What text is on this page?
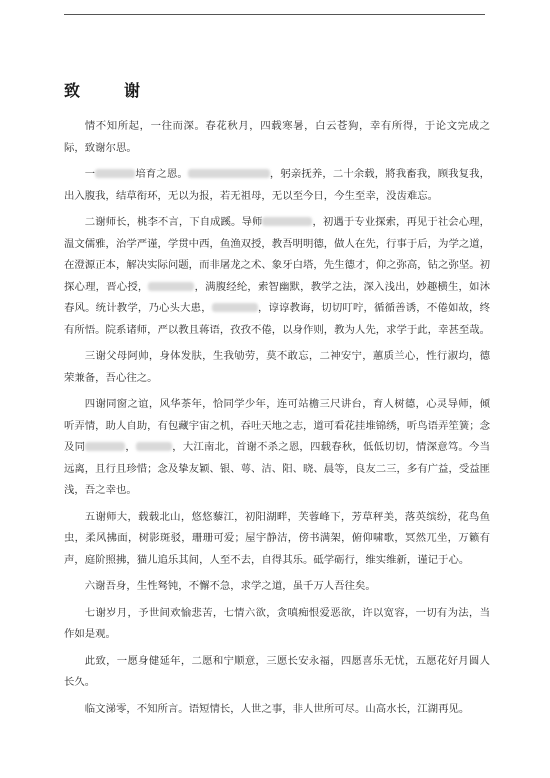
致　谢

情不知所起，一往而深。春花秋月，四载寒暑，白云苍狗，幸有所得，于论文完成之际，致谢尔思。

一	培育之恩。	，躬亲抚养，二十余载，將我畜我，顾我复我，出入腹我，结草衔环，无以为报，若无祖母，无以至今日，今生至幸，没齿难忘。

二谢师长，桃李不言，下自成蹊。导师	，初遇于专业探索，再见于社会心理，温文儒雅，治学严谨，学贯中西，鱼渔双授，教吾明明德，做人在先，行事于后，为学之道，在澄源正本，解决实际问题，而非屠龙之术、象牙白塔，先生德才，仰之弥高，钻之弥坚。初探心理，晋心授，	，满腹经纶，索智幽默，教学之法，深入浅出，妙趣横生，如沐春风。统计教学，乃心头大患，	，谆谆教诲，切切叮咛，循循善诱，不倦如故，终有所悟。院系诸师，严以教且蒋语，孜孜不倦，以身作则，教为人先，求学于此，幸甚至哉。

三谢父母阿帅，身体发肤，生我劬劳，莫不敢忘，二神安宁，蕙质兰心，性行淑均，德荣兼备，吾心往之。

四谢同窗之谊，风华茶年，恰同学少年，连可站檐三尺讲台，育人树德，心灵导师，倾听弄情，助人自助，有包藏宇宙之机，吞吐天地之志，道可看花挂堆锦绣，听鸟语弄笙簧；念及同	，	，大江南北，首谢不杀之恩，四载春秋，低低切切，情深意笃。今当远离，且行且珍惜；念及挚友颖、银、萼、洁、阳、晓、晨等，良友二三，多有广益，受益匪浅，吾之幸也。

五谢师大，载载北山，悠悠藜江，初阳湖畔，芙蓉峰下，芳草秤美，落英缤纷，花鸟鱼虫，柔风拂面，树影斑驳，珊珊可爱；屋宇静洁，傍书满架，俯仰啸歌，冥然兀坐，万籁有声，庭阶照拂，猫儿追乐其间，人至不去，自得其乐。砥学砺行，维实维新，谨记于心。

六谢吾身，生性驽钝，不懈不急，求学之道，虽千万人吾往矣。

七谢岁月，予世间欢愉悲苦，七情六欲，贪嗔痴恨爱恶欲，许以宽容，一切有为法，当作如是观。

此致，一愿身健延年，二愿和宁顺意，三愿长安永福，四愿喜乐无忧，五愿花好月圆人长久。

临文涕零，不知所言。语短情长，人世之事，非人世所可尽。山高水长，江湖再见。
